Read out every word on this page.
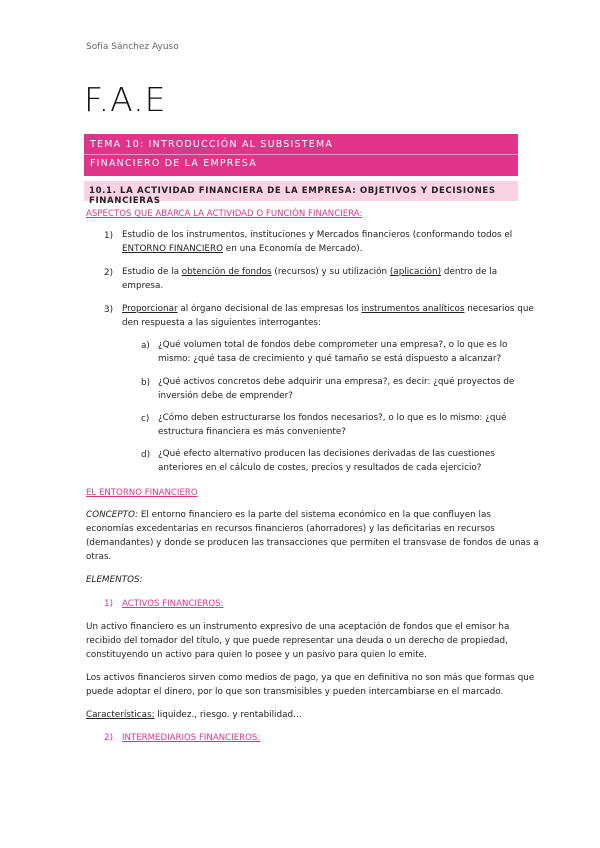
Sofía Sánchez Ayuso
F.A.E
TEMA 10: INTRODUCCIÓN AL SUBSISTEMA
FINANCIERO DE LA EMPRESA
10.1. LA ACTIVIDAD FINANCIERA DE LA EMPRESA: OBJETIVOS Y DECISIONES FINANCIERAS
ASPECTOS QUE ABARCA LA ACTIVIDAD O FUNCIÓN FINANCIERA:
1) Estudio de los instrumentos, instituciones y Mercados financieros (conformando todos el
ENTORNO FINANCIERO en una Economía de Mercado).
2) Estudio de la obtención de fondos (recursos) y su utilización (aplicación) dentro de la
empresa.
3) Proporcionar al órgano decisional de las empresas los instrumentos analíticos necesarios que
den respuesta a las siguientes interrogantes:
a) ¿Qué volumen total de fondos debe comprometer una empresa?, o lo que es lo
mismo: ¿qué tasa de crecimiento y qué tamaño se está dispuesto a alcanzar?
b) ¿Qué activos concretos debe adquirir una empresa?, es decir: ¿qué proyectos de
inversión debe de emprender?
c) ¿Cómo deben estructurarse los fondos necesarios?, o lo que es lo mismo: ¿qué
estructura financiera es más conveniente?
d) ¿Qué efecto alternativo producen las decisiones derivadas de las cuestiones
anteriores en el cálculo de costes, precios y resultados de cada ejercicio?
EL ENTORNO FINANCIERO
CONCEPTO: El entorno financiero es la parte del sistema económico en la que confluyen las
economías excedentarias en recursos financieros (ahorradores) y las deficitarias en recursos
(demandantes) y donde se producen las transacciones que permiten el transvase de fondos de unas a
otras.
ELEMENTOS:
1) ACTIVOS FINANCIEROS:
Un activo financiero es un instrumento expresivo de una aceptación de fondos que el emisor ha
recibido del tomador del título, y que puede representar una deuda o un derecho de propiedad,
constituyendo un activo para quien lo posee y un pasivo para quien lo emite.
Los activos financieros sirven como medios de pago, ya que en definitiva no son más que formas que
puede adoptar el dinero, por lo que son transmisibles y pueden intercambiarse en el marcado.
Características: liquidez., riesgo. y rentabilidad…
2) INTERMEDIARIOS FINANCIEROS:
